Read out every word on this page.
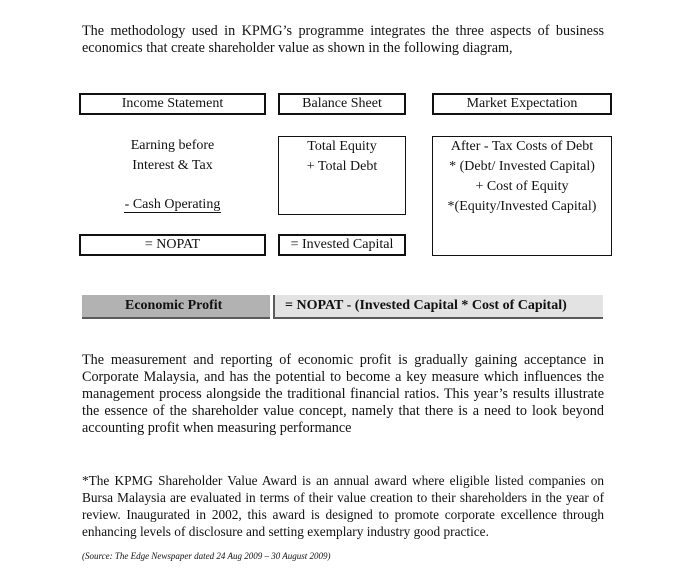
The methodology used in KPMG’s programme integrates the three aspects of business economics that create shareholder value as shown in the following diagram,

Income Statement	Balance Sheet	Market Expectation
Earning before
Interest & Tax
- Cash Operating
Total Equity
+ Total Debt
After - Tax Costs of Debt
* (Debt/ Invested Capital)
+ Cost of Equity
*(Equity/Invested Capital)
= NOPAT	= Invested Capital
Economic Profit	= NOPAT - (Invested Capital * Cost of Capital)

The measurement and reporting of economic profit is gradually gaining acceptance in Corporate Malaysia, and has the potential to become a key measure which influences the management process alongside the traditional financial ratios. This year’s results illustrate the essence of the shareholder value concept, namely that there is a need to look beyond accounting profit when measuring performance

*The KPMG Shareholder Value Award is an annual award where eligible listed companies on Bursa Malaysia are evaluated in terms of their value creation to their shareholders in the year of review. Inaugurated in 2002, this award is designed to promote corporate excellence through enhancing levels of disclosure and setting exemplary industry good practice.

(Source: The Edge Newspaper dated 24 Aug 2009 – 30 August 2009)
